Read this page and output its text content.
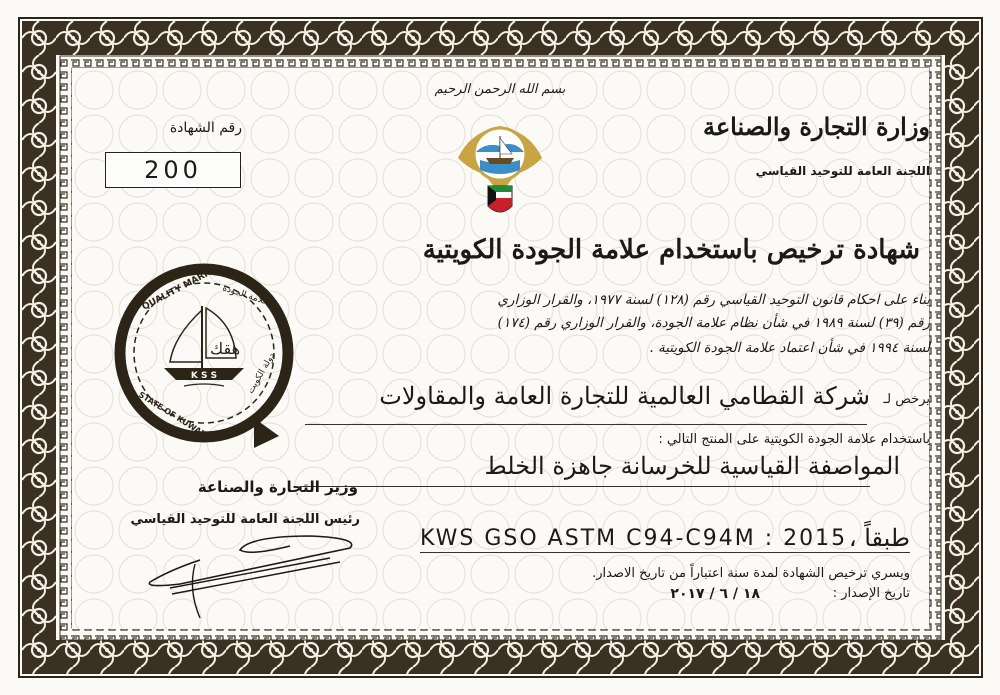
رقم الشهادة
200
بسم الله الرحمن الرحيم
وزارة التجارة والصناعة
اللجنة العامة للتوحيد القياسي
شهادة ترخيص باستخدام علامة الجودة الكويتية
بناء على احكام قانون التوحيد القياسي رقم (١٢٨) لسنة ١٩٧٧، والقرار الوزاري
رقم (٣٩) لسنة ١٩٨٩ في شأن نظام علامة الجودة، والقرار الوزاري رقم (١٧٤)
لسنة ١٩٩٤ في شأن اعتماد علامة الجودة الكويتية .
K S S
QUALITY MARK علامة الجودة
STATE OF KUWAIT
دولة الكويت
هقك
يرخص لـ
شركة القطامي العالمية للتجارة العامة والمقاولات
باستخدام علامة الجودة الكويتية على المنتج التالي :
المواصفة القياسية للخرسانة جاهزة الخلط
وزير التجارة والصناعة
رئيس اللجنة العامة للتوحيد القياسي
KWS GSO ASTM C94-C94M : 2015 طبقاً ،
ويسري ترخيص الشهادة لمدة سنة اعتباراً من تاريخ الاصدار.
تاريخ الإصدار :
١٨ / ٦ / ٢٠١٧
